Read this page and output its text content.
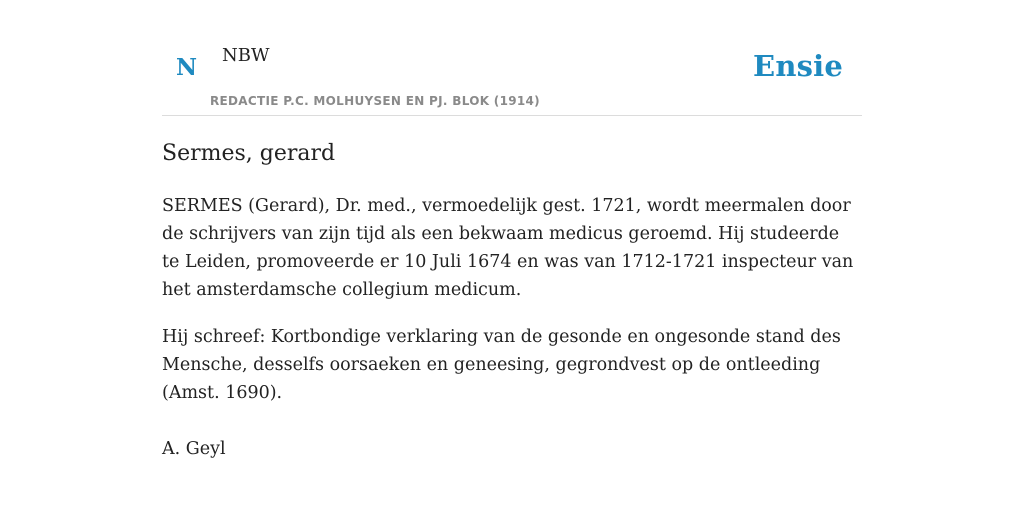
N NBW
REDACTIE P.C. MOLHUYSEN EN PJ. BLOK (1914)
Ensie
Sermes, gerard

SERMES (Gerard), Dr. med., vermoedelijk gest. 1721, wordt meermalen door de schrijvers van zijn tijd als een bekwaam medicus geroemd. Hij studeerde te Leiden, promoveerde er 10 Juli 1674 en was van 1712-1721 inspecteur van het amsterdamsche collegium medicum.

Hij schreef: Kortbondige verklaring van de gesonde en ongesonde stand des Mensche, desselfs oorsaeken en geneesing, gegrondvest op de ontleeding (Amst. 1690).

A. Geyl
